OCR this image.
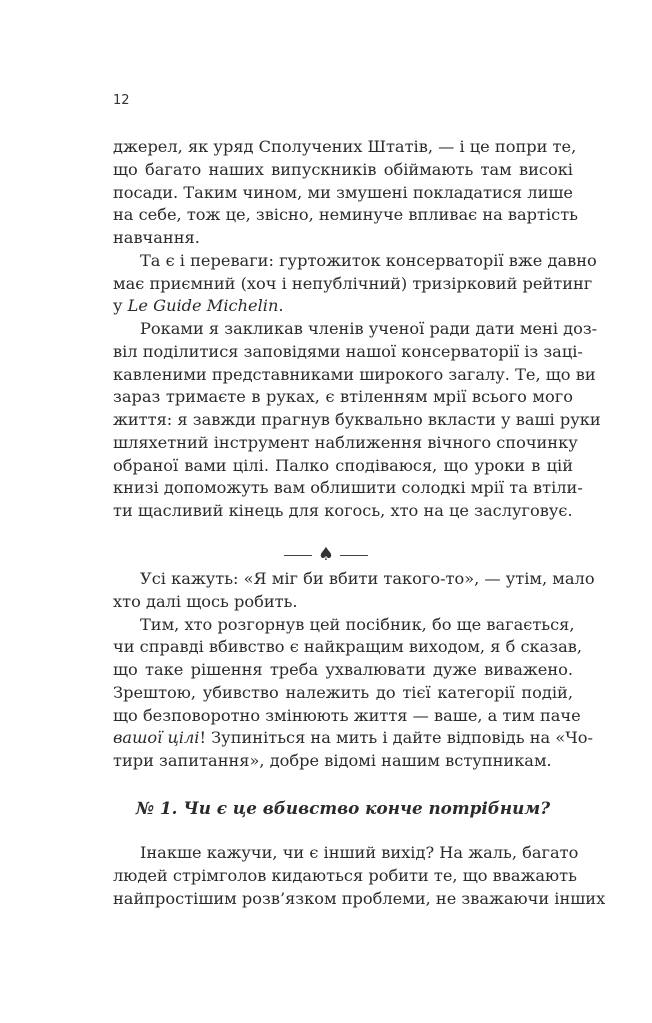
12
джерел, як уряд Сполучених Штатів, — і це попри те,
що багато наших випускників обіймають там високі
посади. Таким чином, ми змушені покладатися лише
на себе, тож це, звісно, неминуче впливає на вартість
навчання.
Та є і переваги: гуртожиток консерваторії вже давно
має приємний (хоч і непублічний) тризірковий рейтинг
у Le Guide Michelin.
Роками я закликав членів ученої ради дати мені доз-
віл поділитися заповідями нашої консерваторії із заці-
кавленими представниками широкого загалу. Те, що ви
зараз тримаєте в руках, є втіленням мрії всього мого
життя: я завжди прагнув буквально вкласти у ваші руки
шляхетний інструмент наближення вічного спочинку
обраної вами цілі. Палко сподіваюся, що уроки в цій
книзі допоможуть вам облишити солодкі мрії та втіли-
ти щасливий кінець для когось, хто на це заслуговує.
♠
Усі кажуть: «Я міг би вбити такого-то», — утім, мало
хто далі щось робить.
Тим, хто розгорнув цей посібник, бо ще вагається,
чи справді вбивство є найкращим виходом, я б сказав,
що таке рішення треба ухвалювати дуже виважено.
Зрештою, убивство належить до тієї категорії подій,
що безповоротно змінюють життя — ваше, а тим паче
вашої цілі! Зупиніться на мить і дайте відповідь на «Чо-
тири запитання», добре відомі нашим вступникам.
№ 1. Чи є це вбивство конче потрібним?
Інакше кажучи, чи є інший вихід? На жаль, багато
людей стрімголов кидаються робити те, що вважають
найпростішим розв’язком проблеми, не зважаючи інших
